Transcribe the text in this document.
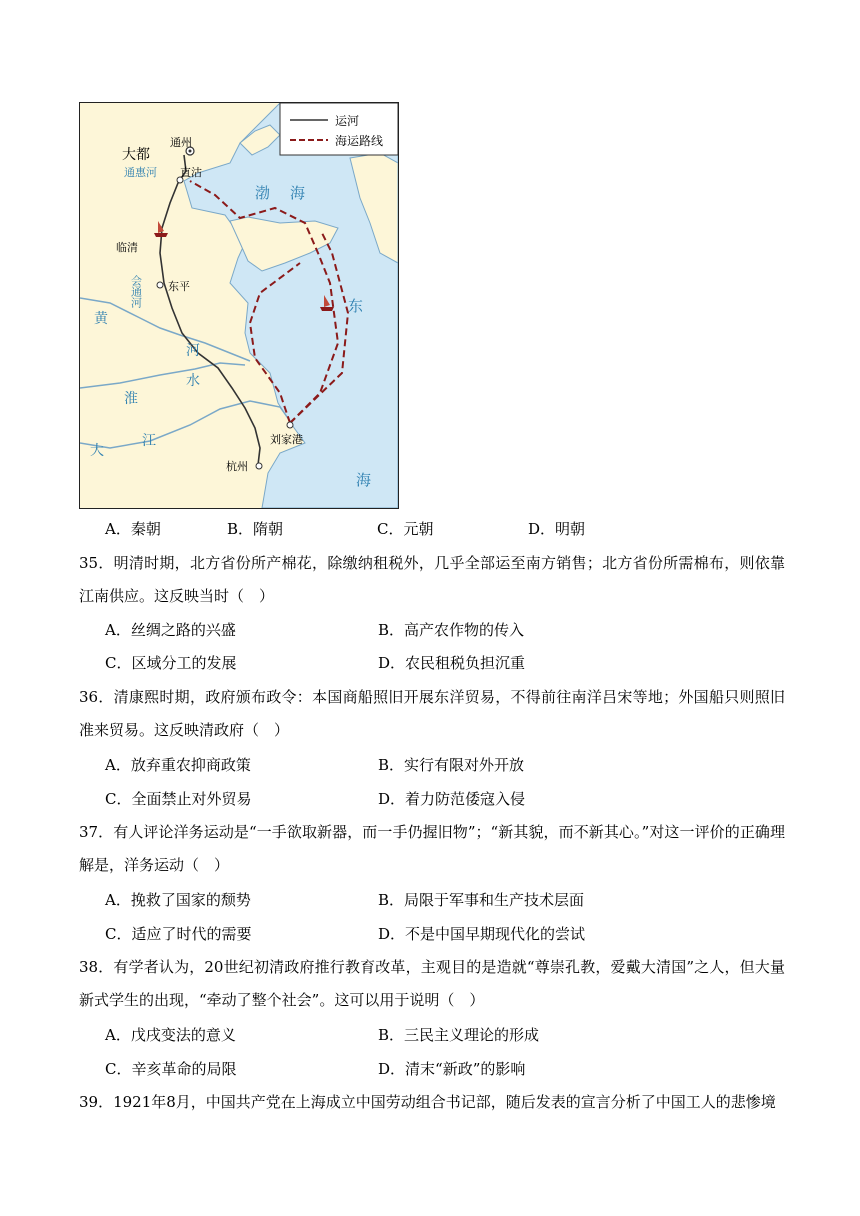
运河
海运路线
大都
通州
直沽
通惠河
临清
会通河 东平
刘家港
杭州
渤 海
东
海
黄
河
淮
水
大
江
A．秦朝	B．隋朝	C．元朝	D．明朝

35．明清时期，北方省份所产棉花，除缴纳租税外，几乎全部运至南方销售；北方省份所需棉布，则依靠江南供应。这反映当时（　）

A．丝绸之路的兴盛	B．高产农作物的传入
C．区域分工的发展	D．农民租税负担沉重

36．清康熙时期，政府颁布政令：本国商船照旧开展东洋贸易，不得前往南洋吕宋等地；外国船只则照旧准来贸易。这反映清政府（　）

A．放弃重农抑商政策	B．实行有限对外开放
C．全面禁止对外贸易	D．着力防范倭寇入侵

37．有人评论洋务运动是“一手欲取新器，而一手仍握旧物”；“新其貌，而不新其心。”对这一评价的正确理解是，洋务运动（　）

A．挽救了国家的颓势	B．局限于军事和生产技术层面
C．适应了时代的需要	D．不是中国早期现代化的尝试

38．有学者认为，20世纪初清政府推行教育改革，主观目的是造就“尊崇孔教，爱戴大清国”之人，但大量新式学生的出现，“牵动了整个社会”。这可以用于说明（　）

A．戊戌变法的意义	B．三民主义理论的形成
C．辛亥革命的局限	D．清末“新政”的影响

39．1921年8月，中国共产党在上海成立中国劳动组合书记部，随后发表的宣言分析了中国工人的悲惨境
